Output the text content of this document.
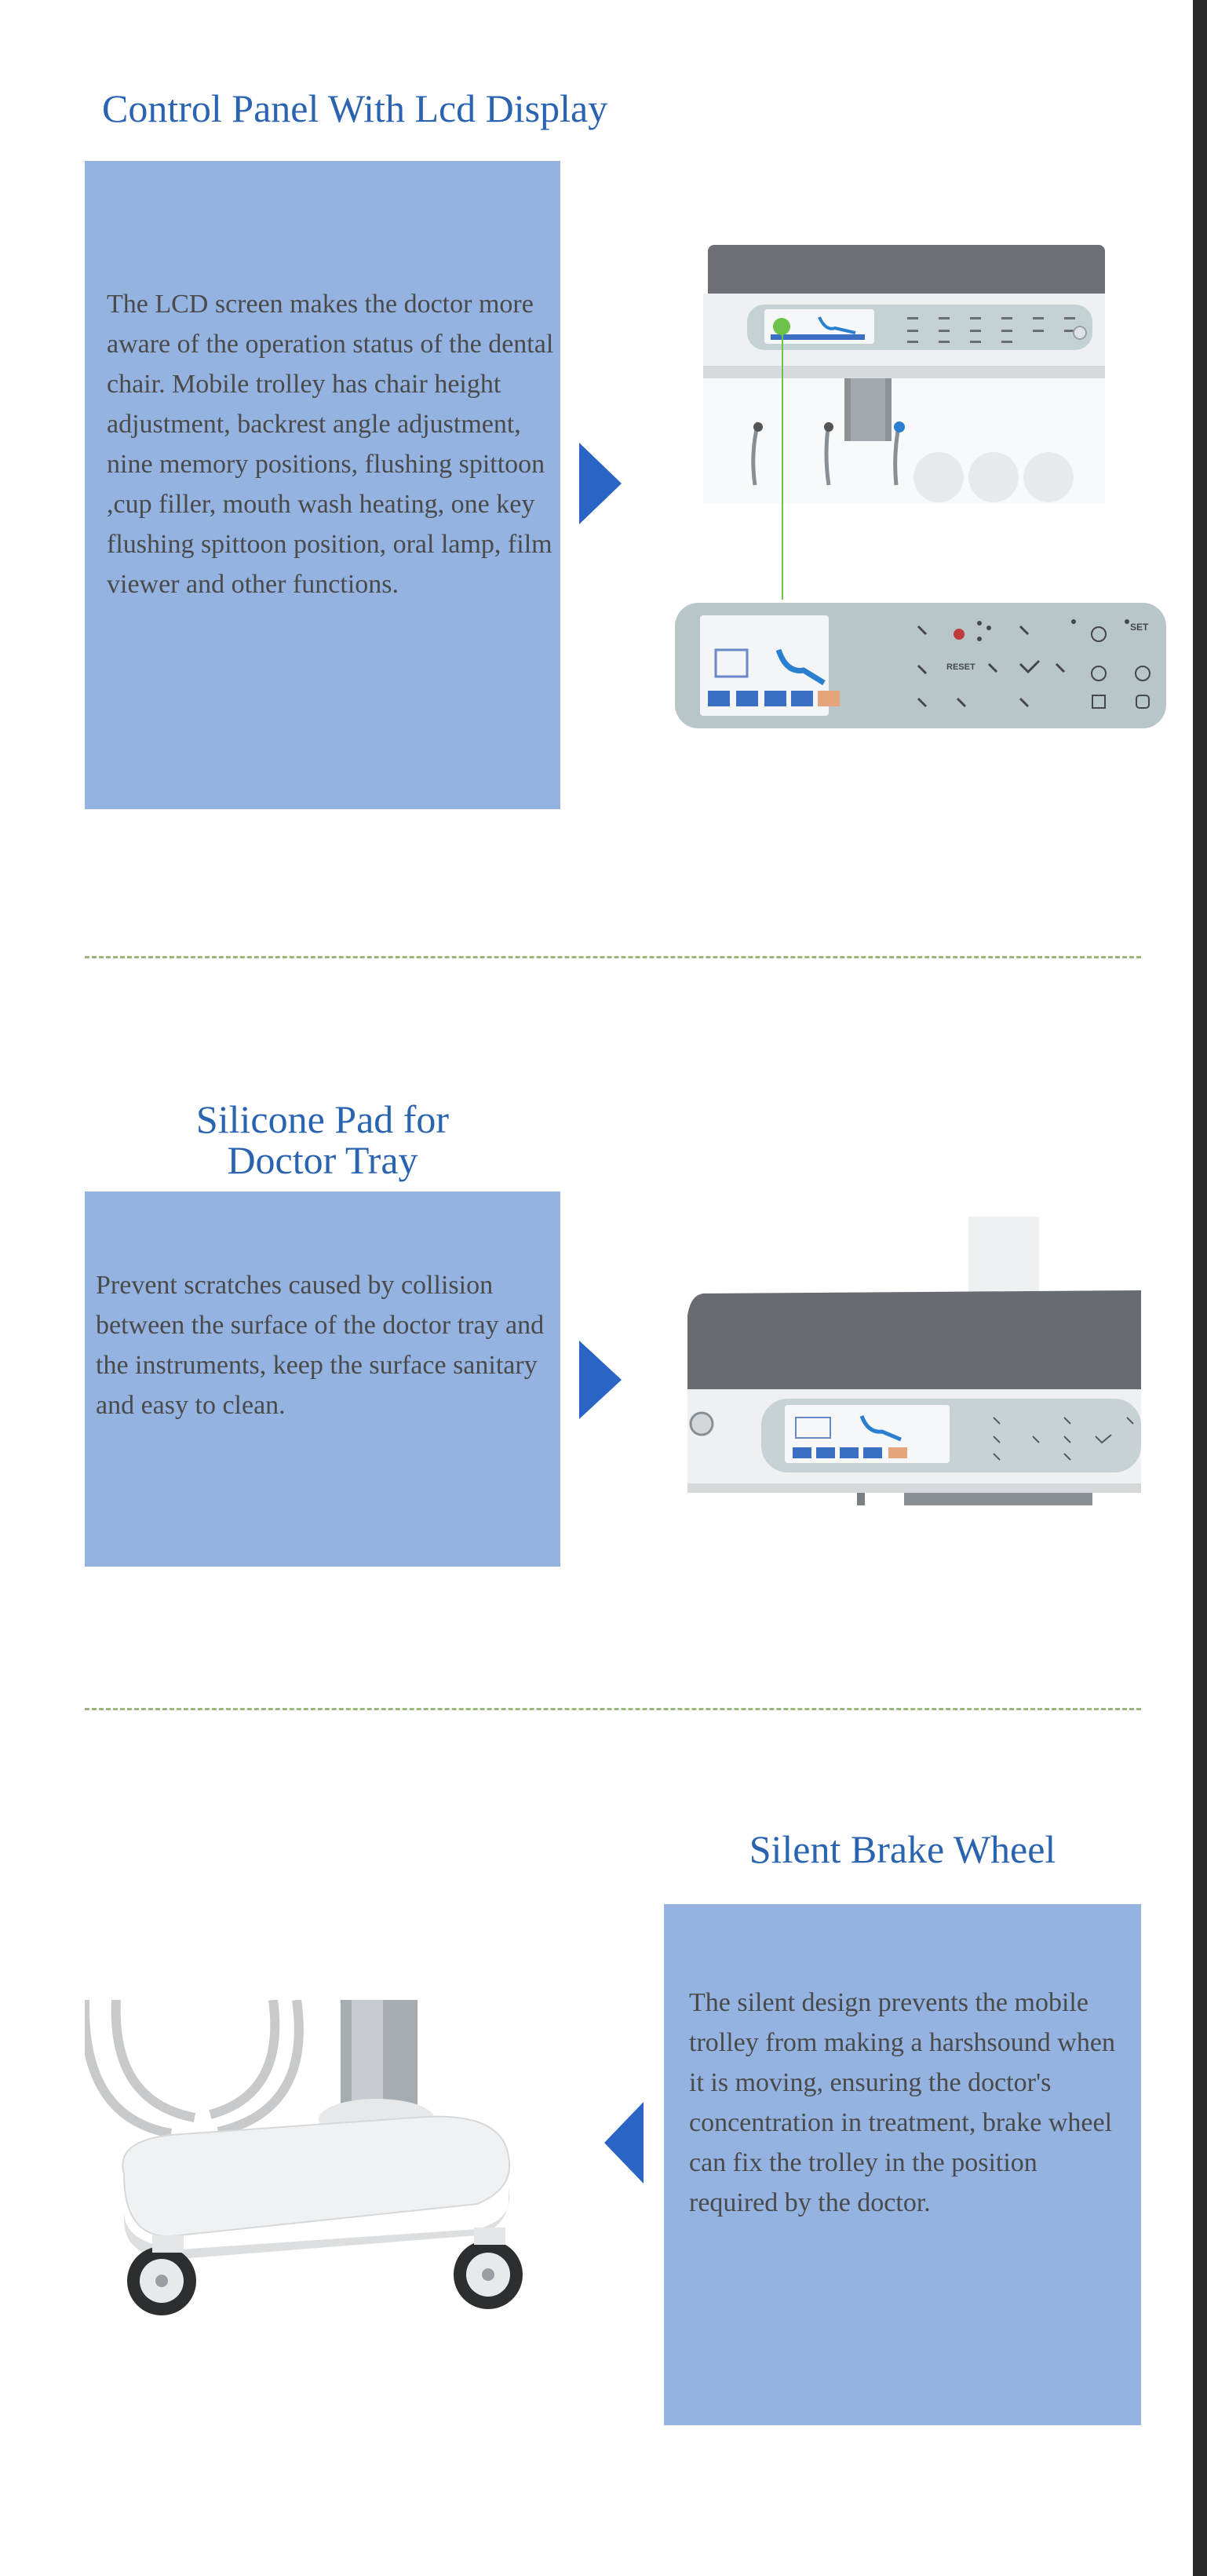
Control Panel With Lcd Display
The LCD screen makes the doctor more aware of the operation status of the dental chair. Mobile trolley has chair height adjustment, backrest angle adjustment, nine memory positions, flushing spittoon ,cup filler, mouth wash heating, one key flushing spittoon position, oral lamp, film viewer and other functions.
RESET
SET
Silicone Pad for
Doctor Tray
Prevent scratches caused by collision between the surface of the doctor tray and the instruments, keep the surface sanitary and easy to clean.
Silent Brake Wheel
The silent design prevents the mobile trolley from making a harshsound when it is moving, ensuring the doctor's concentration in treatment, brake wheel can fix the trolley in the position required by the doctor.
